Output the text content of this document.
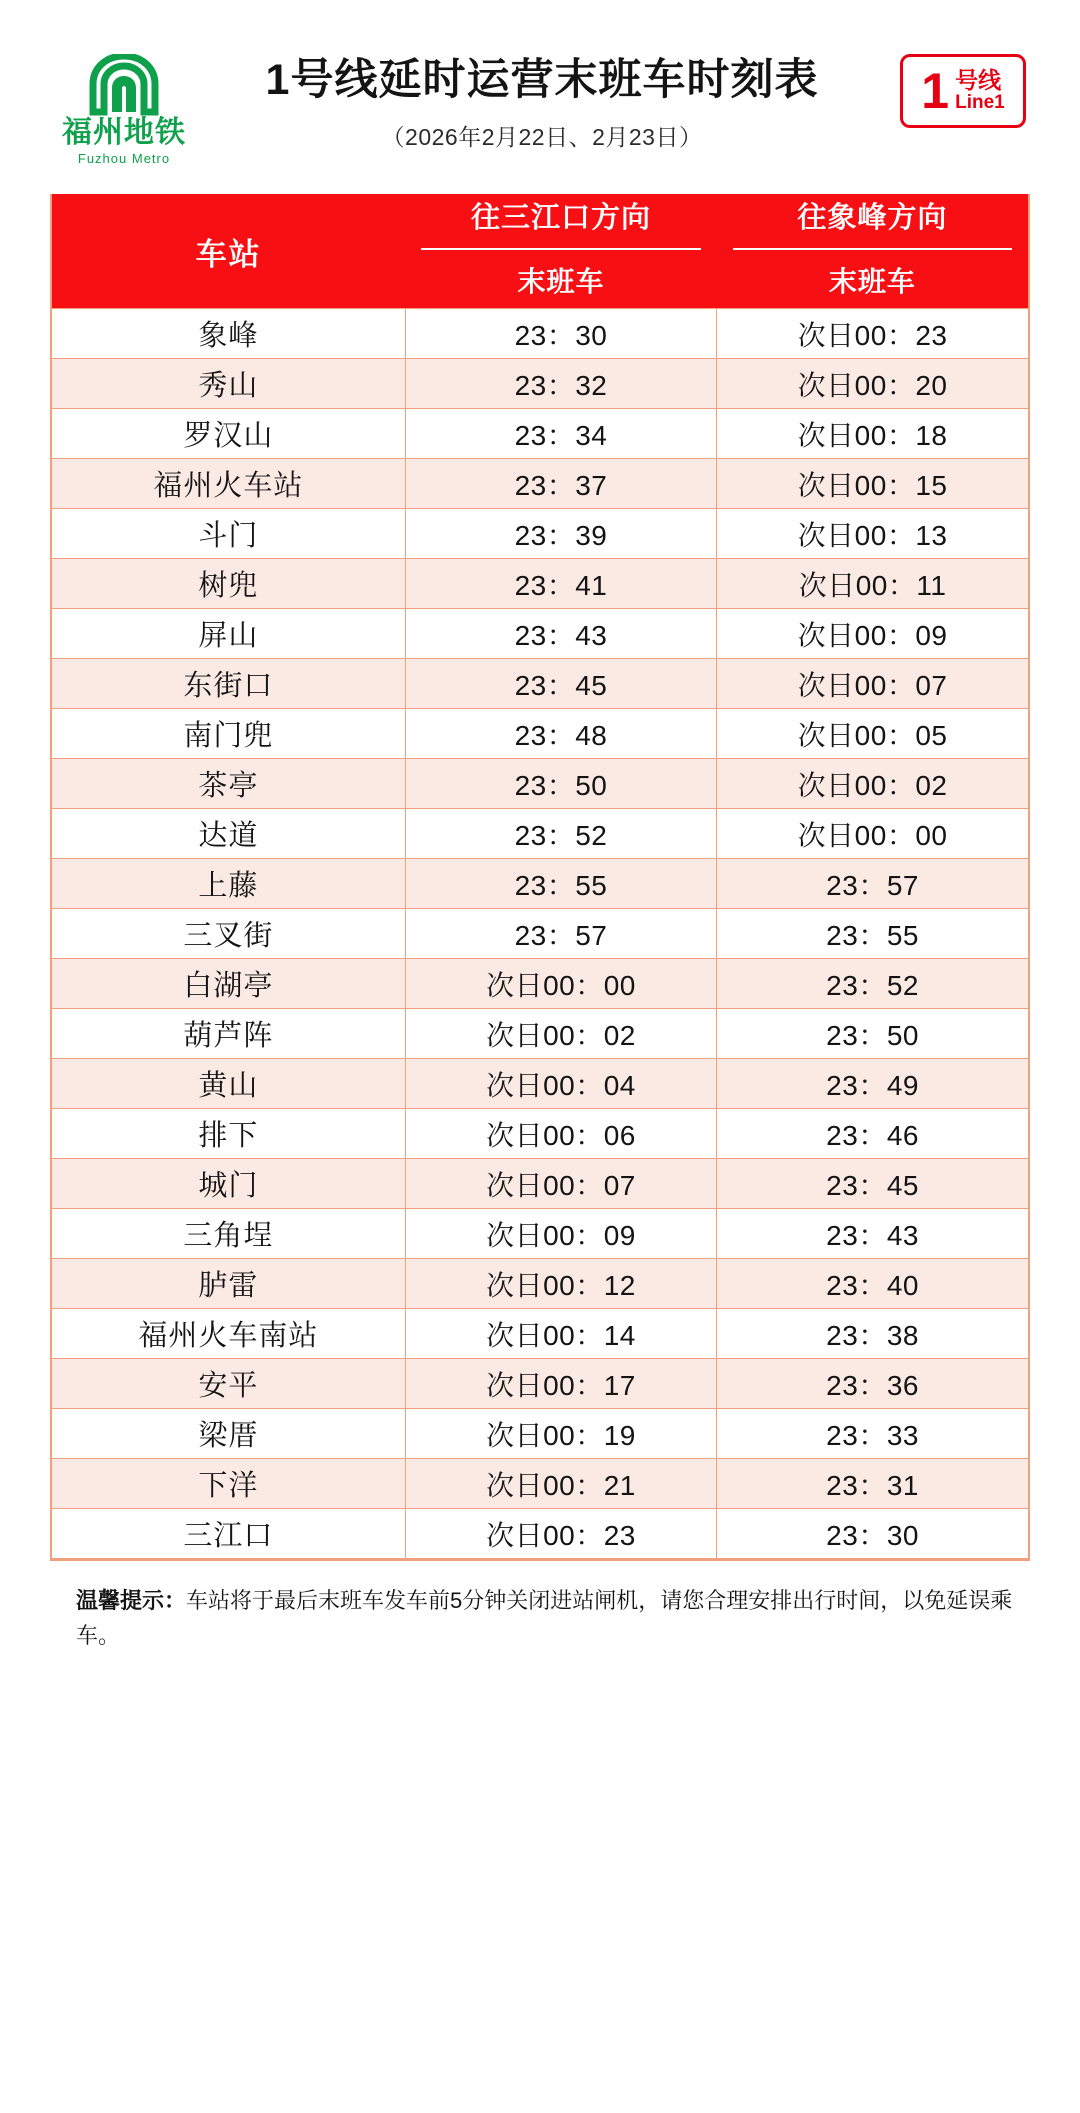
福州地铁
Fuzhou Metro
1号线延时运营末班车时刻表
（2026年2月22日、2月23日）
1 号线
Line1
车站	往三江口方向	往象峰方向

	末班车	末班车
象峰	23：30	次日00：23
秀山	23：32	次日00：20
罗汉山	23：34	次日00：18
福州火车站	23：37	次日00：15
斗门	23：39	次日00：13
树兜	23：41	次日00：11
屏山	23：43	次日00：09
东街口	23：45	次日00：07
南门兜	23：48	次日00：05
茶亭	23：50	次日00：02
达道	23：52	次日00：00
上藤	23：55	23：57
三叉街	23：57	23：55
白湖亭	次日00：00	23：52
葫芦阵	次日00：02	23：50
黄山	次日00：04	23：49
排下	次日00：06	23：46
城门	次日00：07	23：45
三角埕	次日00：09	23：43
胪雷	次日00：12	23：40
福州火车南站	次日00：14	23：38
安平	次日00：17	23：36
梁厝	次日00：19	23：33
下洋	次日00：21	23：31
三江口	次日00：23	23：30
温馨提示：车站将于最后末班车发车前5分钟关闭进站闸机，请您合理安排出行时间，以免延误乘车。
